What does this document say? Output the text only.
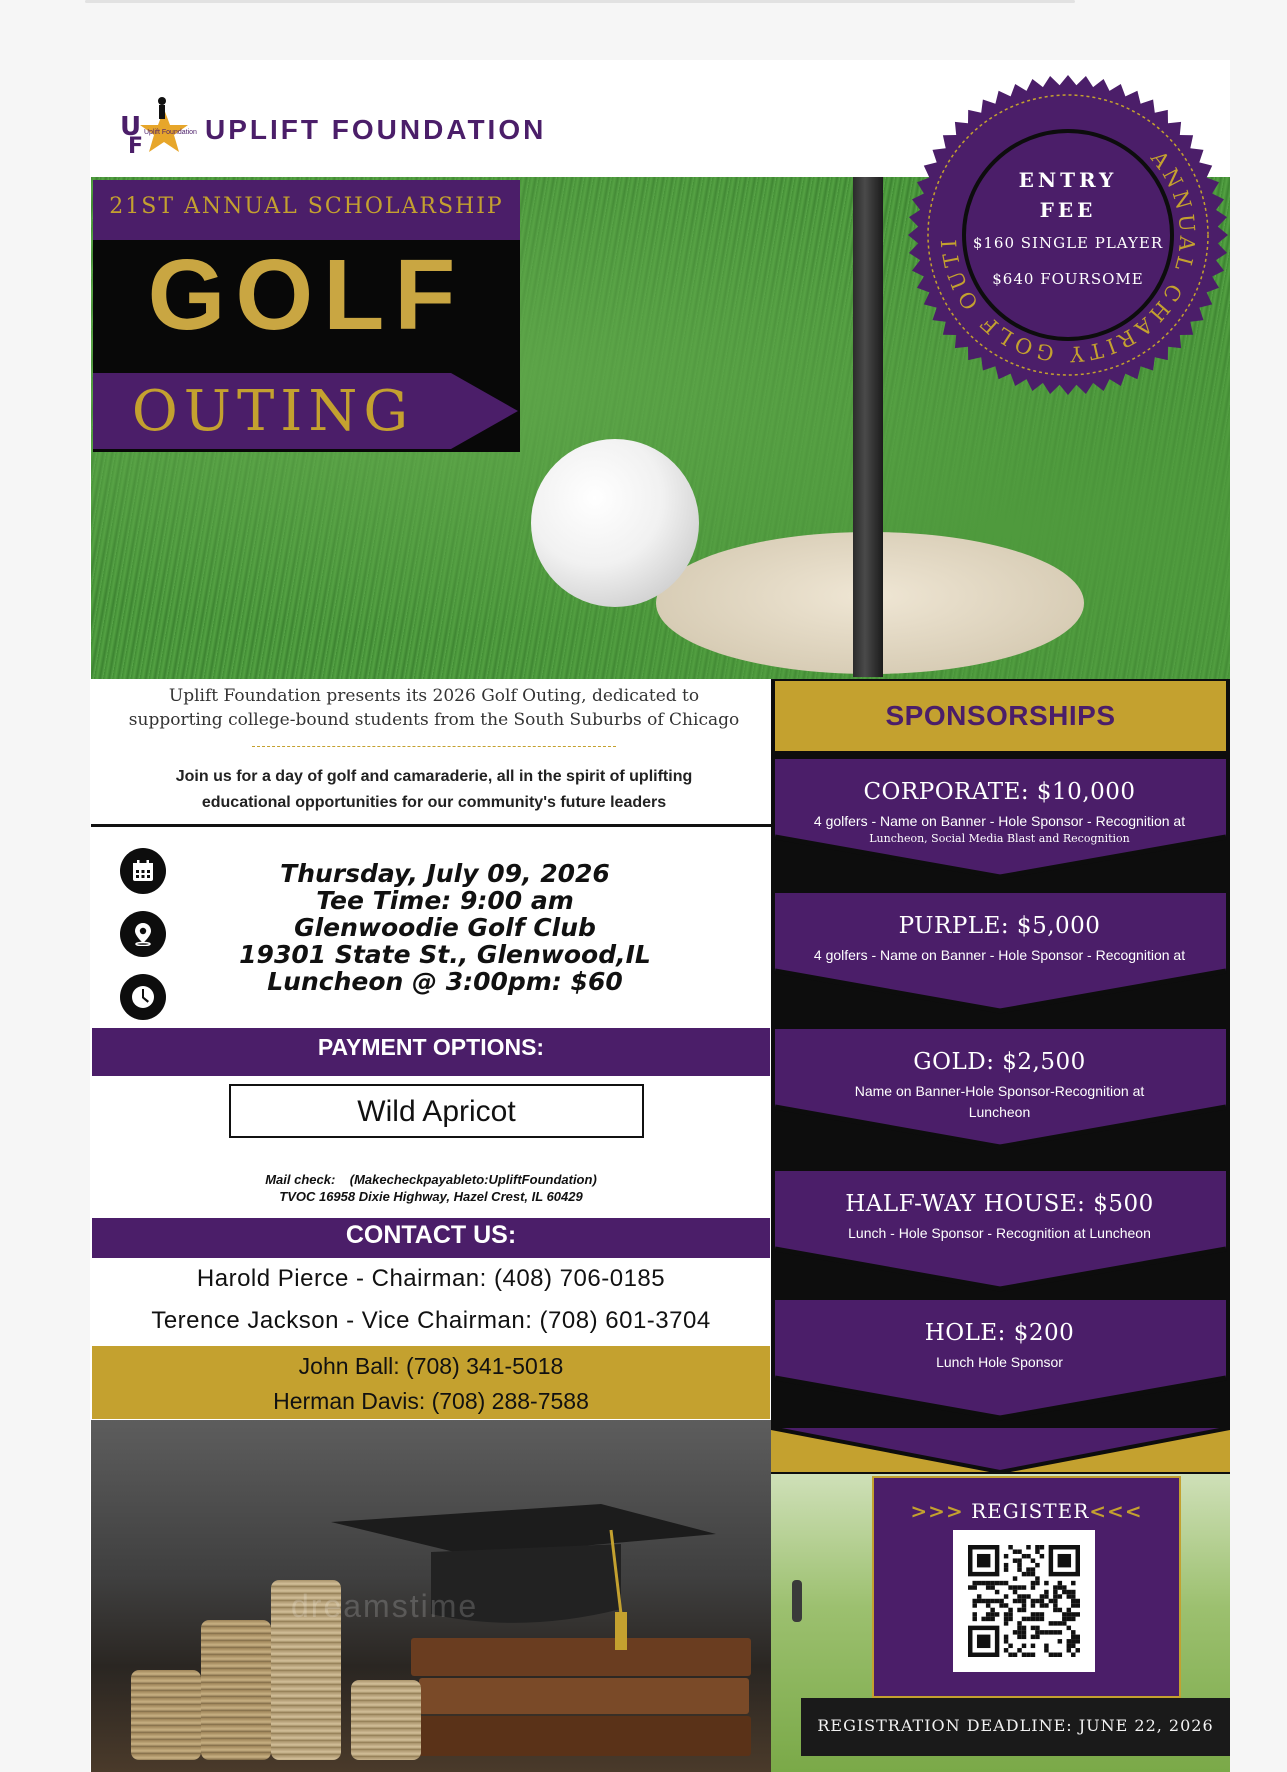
U
F
Uplift Foundation UPLIFT FOUNDATION
21ST ANNUAL SCHOLARSHIP
GOLF
OUTING
ANNUAL CHARITY GOLF OUTI
ENTRY
FEE
$160 SINGLE PLAYER
$640 FOURSOME
Uplift Foundation presents its 2026 Golf Outing, dedicated to
supporting college-bound students from the South Suburbs of Chicago
Join us for a day of golf and camaraderie, all in the spirit of uplifting
educational opportunities for our community's future leaders
Thursday, July 09, 2026
Tee Time: 9:00 am
Glenwoodie Golf Club
19301 State St., Glenwood,IL
Luncheon @ 3:00pm: $60
PAYMENT OPTIONS:
Wild Apricot
Mail check:    (Makecheckpayableto:UpliftFoundation)
TVOC 16958 Dixie Highway, Hazel Crest, IL 60429
CONTACT US:
Harold Pierce - Chairman: (408) 706-0185
Terence Jackson - Vice Chairman: (708) 601-3704
John Ball: (708) 341-5018
Herman Davis: (708) 288-7588
dreamstime
SPONSORSHIPS
CORPORATE: $10,000
4 golfers - Name on Banner - Hole Sponsor - Recognition at
Luncheon, Social Media Blast and Recognition
PURPLE: $5,000
4 golfers - Name on Banner - Hole Sponsor - Recognition at
GOLD: $2,500
Name on Banner-Hole Sponsor-Recognition at
Luncheon
HALF-WAY HOUSE: $500
Lunch - Hole Sponsor - Recognition at Luncheon
HOLE: $200
Lunch Hole Sponsor
>>> REGISTER<<<
REGISTRATION DEADLINE: JUNE 22, 2026
